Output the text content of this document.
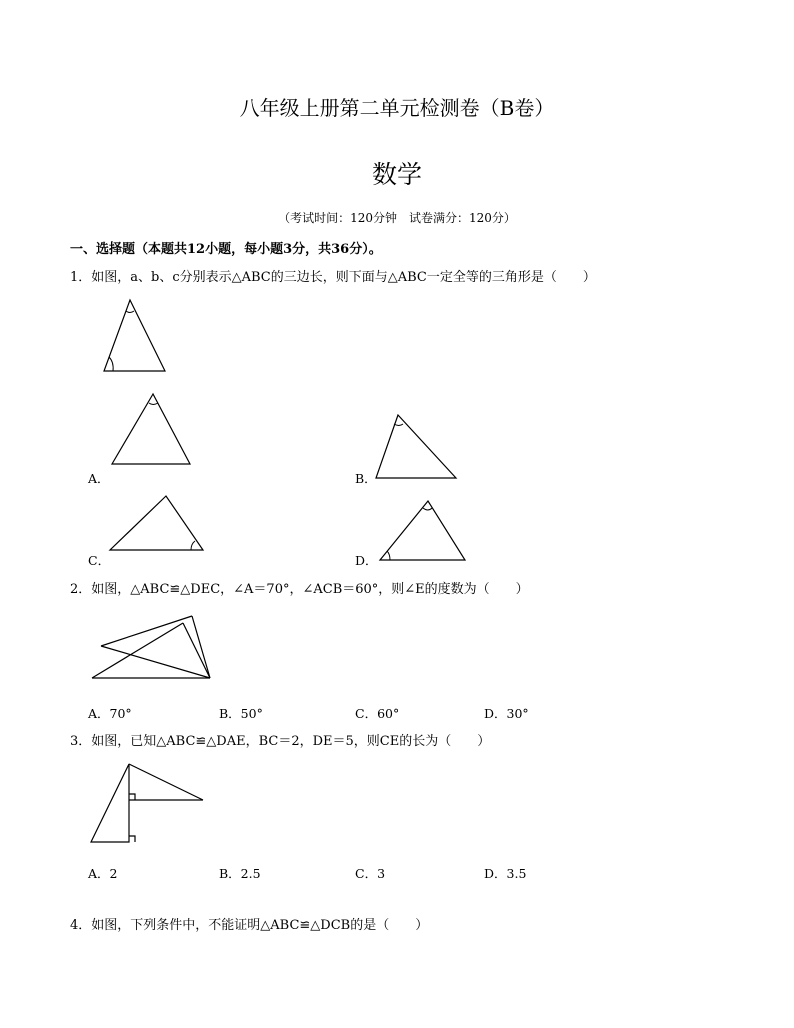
八年级上册第二单元检测卷（B卷）
数学
（考试时间：120分钟　试卷满分：120分）
一、选择题（本题共12小题，每小题3分，共36分）。
1．如图，a、b、c分别表示△ABC的三边长，则下面与△ABC一定全等的三角形是（　　）
A．	B．
C．	D．
2．如图，△ABC≌△DEC，∠A＝70°，∠ACB＝60°，则∠E的度数为（　　）
A．70°	B．50°	C．60°	D．30°
3．如图，已知△ABC≌△DAE，BC＝2，DE＝5，则CE的长为（　　）
A．2	B．2.5	C．3	D．3.5
4．如图，下列条件中，不能证明△ABC≌△DCB的是（　　）
